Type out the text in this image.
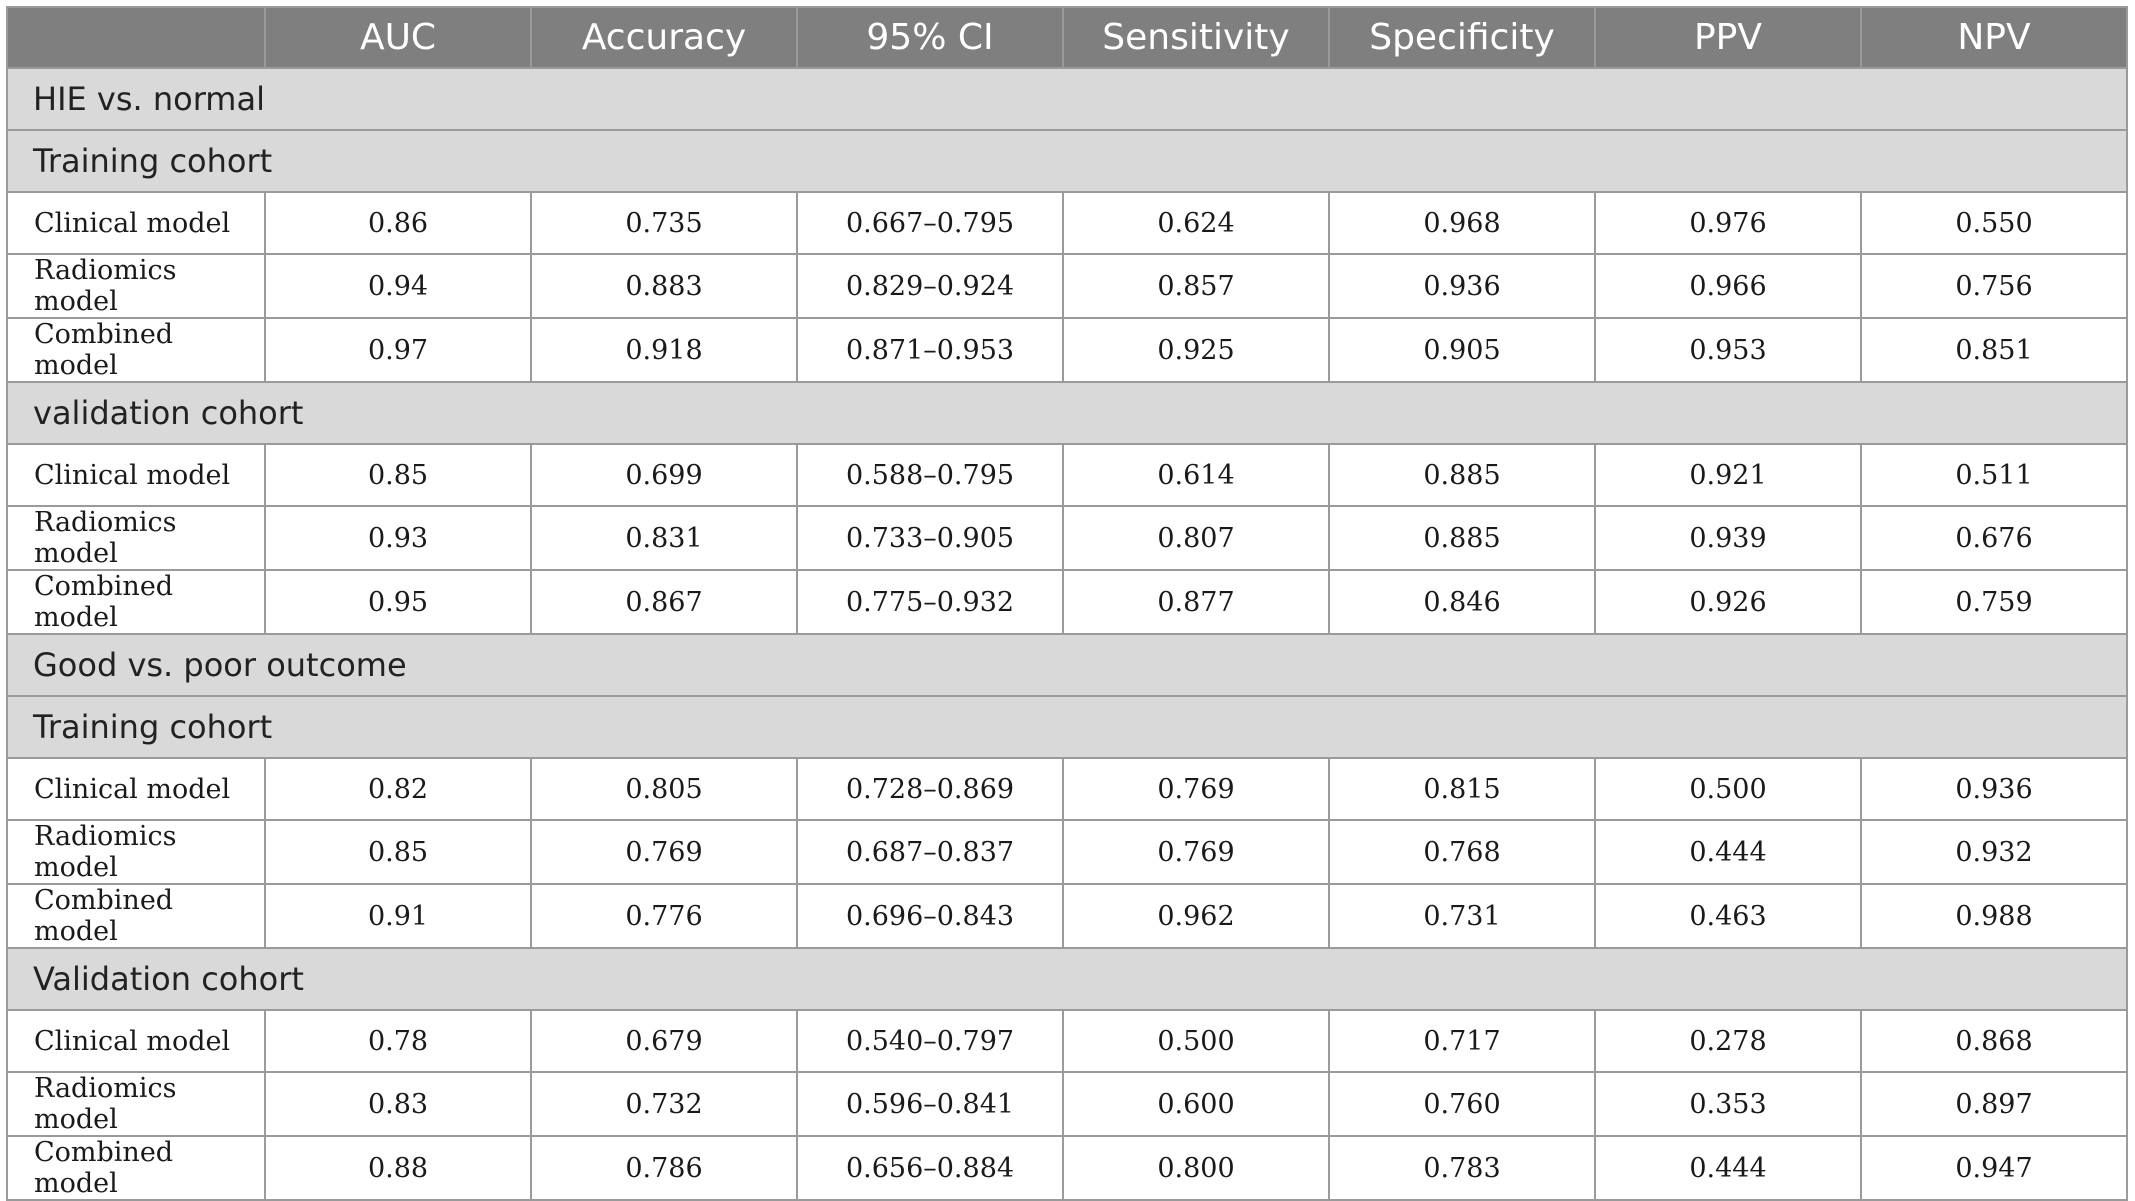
	AUC	Accuracy	95% CI	Sensitivity	Specificity	PPV	NPV
HIE vs. normal							
Training cohort							
Clinical model	0.86	0.735	0.667–0.795	0.624	0.968	0.976	0.550
Radiomics model	0.94	0.883	0.829–0.924	0.857	0.936	0.966	0.756
Combined model	0.97	0.918	0.871–0.953	0.925	0.905	0.953	0.851
validation cohort							
Clinical model	0.85	0.699	0.588–0.795	0.614	0.885	0.921	0.511
Radiomics model	0.93	0.831	0.733–0.905	0.807	0.885	0.939	0.676
Combined model	0.95	0.867	0.775–0.932	0.877	0.846	0.926	0.759
Good vs. poor outcome							
Training cohort							
Clinical model	0.82	0.805	0.728–0.869	0.769	0.815	0.500	0.936
Radiomics model	0.85	0.769	0.687–0.837	0.769	0.768	0.444	0.932
Combined model	0.91	0.776	0.696–0.843	0.962	0.731	0.463	0.988
Validation cohort							
Clinical model	0.78	0.679	0.540–0.797	0.500	0.717	0.278	0.868
Radiomics model	0.83	0.732	0.596–0.841	0.600	0.760	0.353	0.897
Combined model	0.88	0.786	0.656–0.884	0.800	0.783	0.444	0.947
